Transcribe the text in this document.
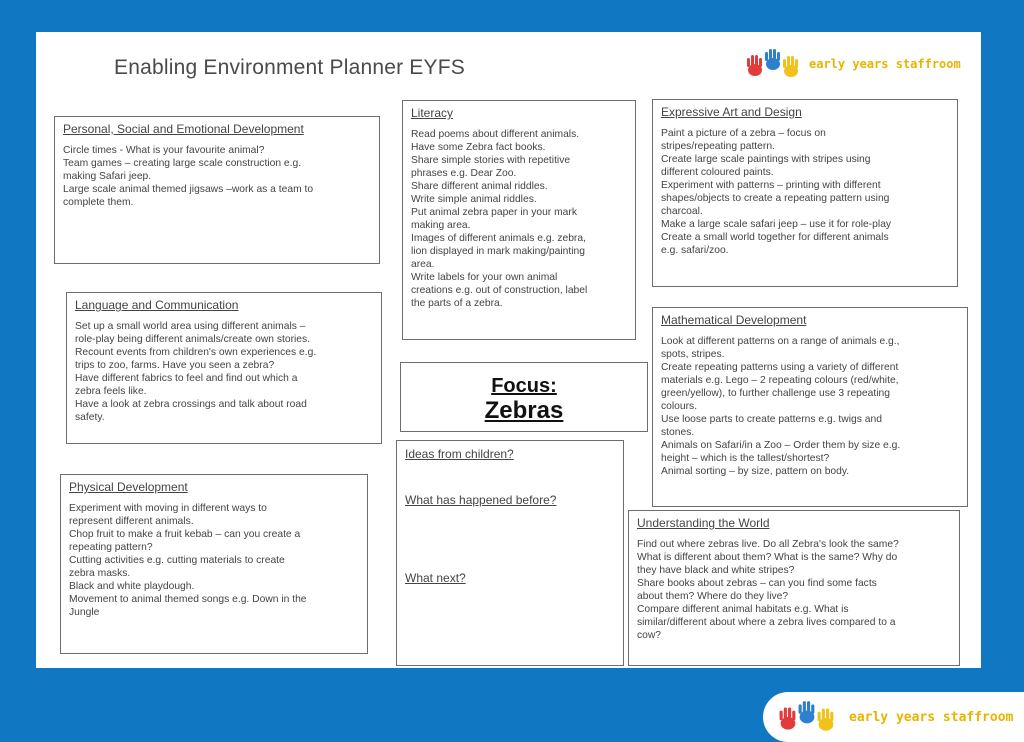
Enabling Environment Planner EYFS	early years staffroom
Personal, Social and Emotional Development
Circle times - What is your favourite animal?
Team games – creating large scale construction e.g.
making Safari jeep.
Large scale animal themed jigsaws –work as a team to
complete them.
Language and Communication
Set up a small world area using different animals –
role-play being different animals/create own stories.
Recount events from children's own experiences e.g.
trips to zoo, farms. Have you seen a zebra?
Have different fabrics to feel and find out which a
zebra feels like.
Have a look at zebra crossings and talk about road
safety.
Physical Development
Experiment with moving in different ways to
represent different animals.
Chop fruit to make a fruit kebab – can you create a
repeating pattern?
Cutting activities e.g. cutting materials to create
zebra masks.
Black and white playdough.
Movement to animal themed songs e.g. Down in the
Jungle
Literacy
Read poems about different animals.
Have some Zebra fact books.
Share simple stories with repetitive
phrases e.g. Dear Zoo.
Share different animal riddles.
Write simple animal riddles.
Put animal zebra paper in your mark
making area.
Images of different animals e.g. zebra,
lion displayed in mark making/painting
area.
Write labels for your own animal
creations e.g. out of construction, label
the parts of a zebra.
Focus:
Zebras
Ideas from children?
What has happened before?
What next?
Expressive Art and Design
Paint a picture of a zebra – focus on
stripes/repeating pattern.
Create large scale paintings with stripes using
different coloured paints.
Experiment with patterns – printing with different
shapes/objects to create a repeating pattern using
charcoal.
Make a large scale safari jeep – use it for role-play
Create a small world together for different animals
e.g. safari/zoo.
Mathematical Development
Look at different patterns on a range of animals e.g.,
spots, stripes.
Create repeating patterns using a variety of different
materials e.g. Lego – 2 repeating colours (red/white,
green/yellow), to further challenge use 3 repeating
colours.
Use loose parts to create patterns e.g. twigs and
stones.
Animals on Safari/in a Zoo – Order them by size e.g.
height – which is the tallest/shortest?
Animal sorting – by size, pattern on body.
Understanding the World
Find out where zebras live. Do all Zebra's look the same?
What is different about them? What is the same? Why do
they have black and white stripes?
Share books about zebras – can you find some facts
about them? Where do they live?
Compare different animal habitats e.g. What is
similar/different about where a zebra lives compared to a
cow?
early years staffroom
